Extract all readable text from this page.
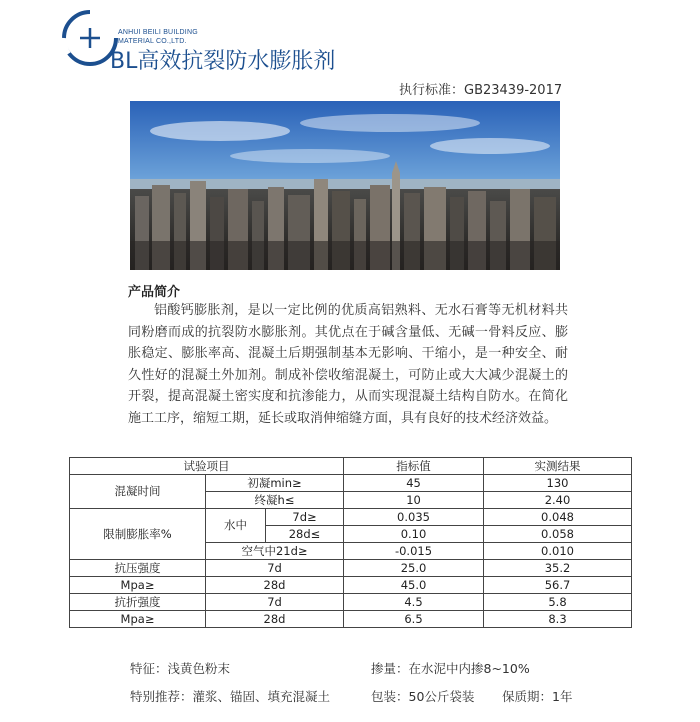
ANHUI BEILI BUILDING
MATERIAL CO.,LTD.
BL高效抗裂防水膨胀剂
执行标准：GB23439-2017
产品简介
铝酸钙膨胀剂，是以一定比例的优质高铝熟料、无水石膏等无机材料共同粉磨而成的抗裂防水膨胀剂。其优点在于碱含量低、无碱一骨料反应、膨胀稳定、膨胀率高、混凝土后期强制基本无影响、干缩小，是一种安全、耐久性好的混凝土外加剂。制成补偿收缩混凝土，可防止或大大减少混凝土的开裂，提高混凝土密实度和抗渗能力，从而实现混凝土结构自防水。在简化施工工序，缩短工期，延长或取消伸缩缝方面，具有良好的技术经济效益。
试验项目			指标值	实测结果
混凝时间	初凝min≥		45	130
	终凝h≤		10	2.40
限制膨胀率%	水中	7d≥	0.035	0.048
		28d≤	0.10	0.058
	空气中21d≥		-0.015	0.010
抗压强度	7d		25.0	35.2
Mpa≥	28d		45.0	56.7
抗折强度	7d		4.5	5.8
Mpa≥	28d		6.5	8.3
特征：浅黄色粉末	掺量：在水泥中内掺8~10%
特别推荐：灌浆、锚固、填充混凝土	包装：50公斤袋装 保质期：1年
